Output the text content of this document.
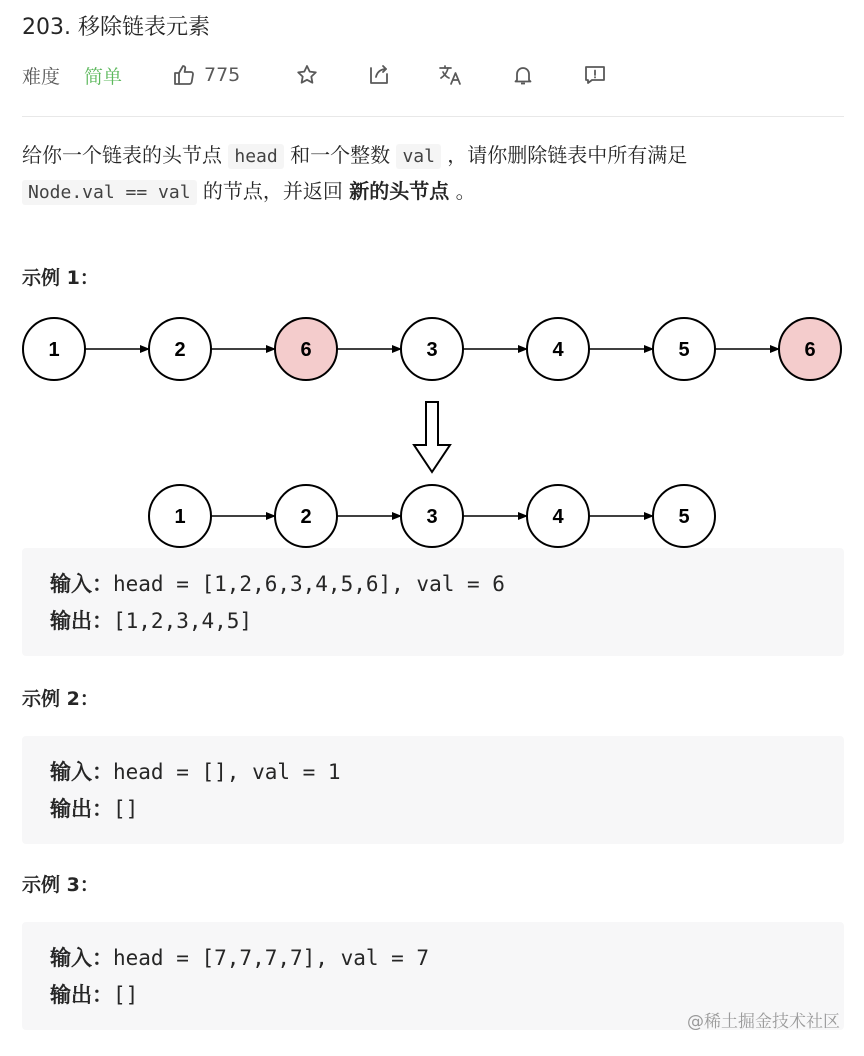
203. 移除链表元素
难度 简单	775
给你一个链表的头节点 head 和一个整数 val ，请你删除链表中所有满足
Node.val == val 的节点，并返回 新的头节点 。
示例 1：
1	2	6	3	4	5	6
1	2	3	4	5
输入：head = [1,2,6,3,4,5,6], val = 6
输出：[1,2,3,4,5]
示例 2：
输入：head = [], val = 1
输出：[]
示例 3：
输入：head = [7,7,7,7], val = 7
输出：[]
@稀土掘金技术社区
